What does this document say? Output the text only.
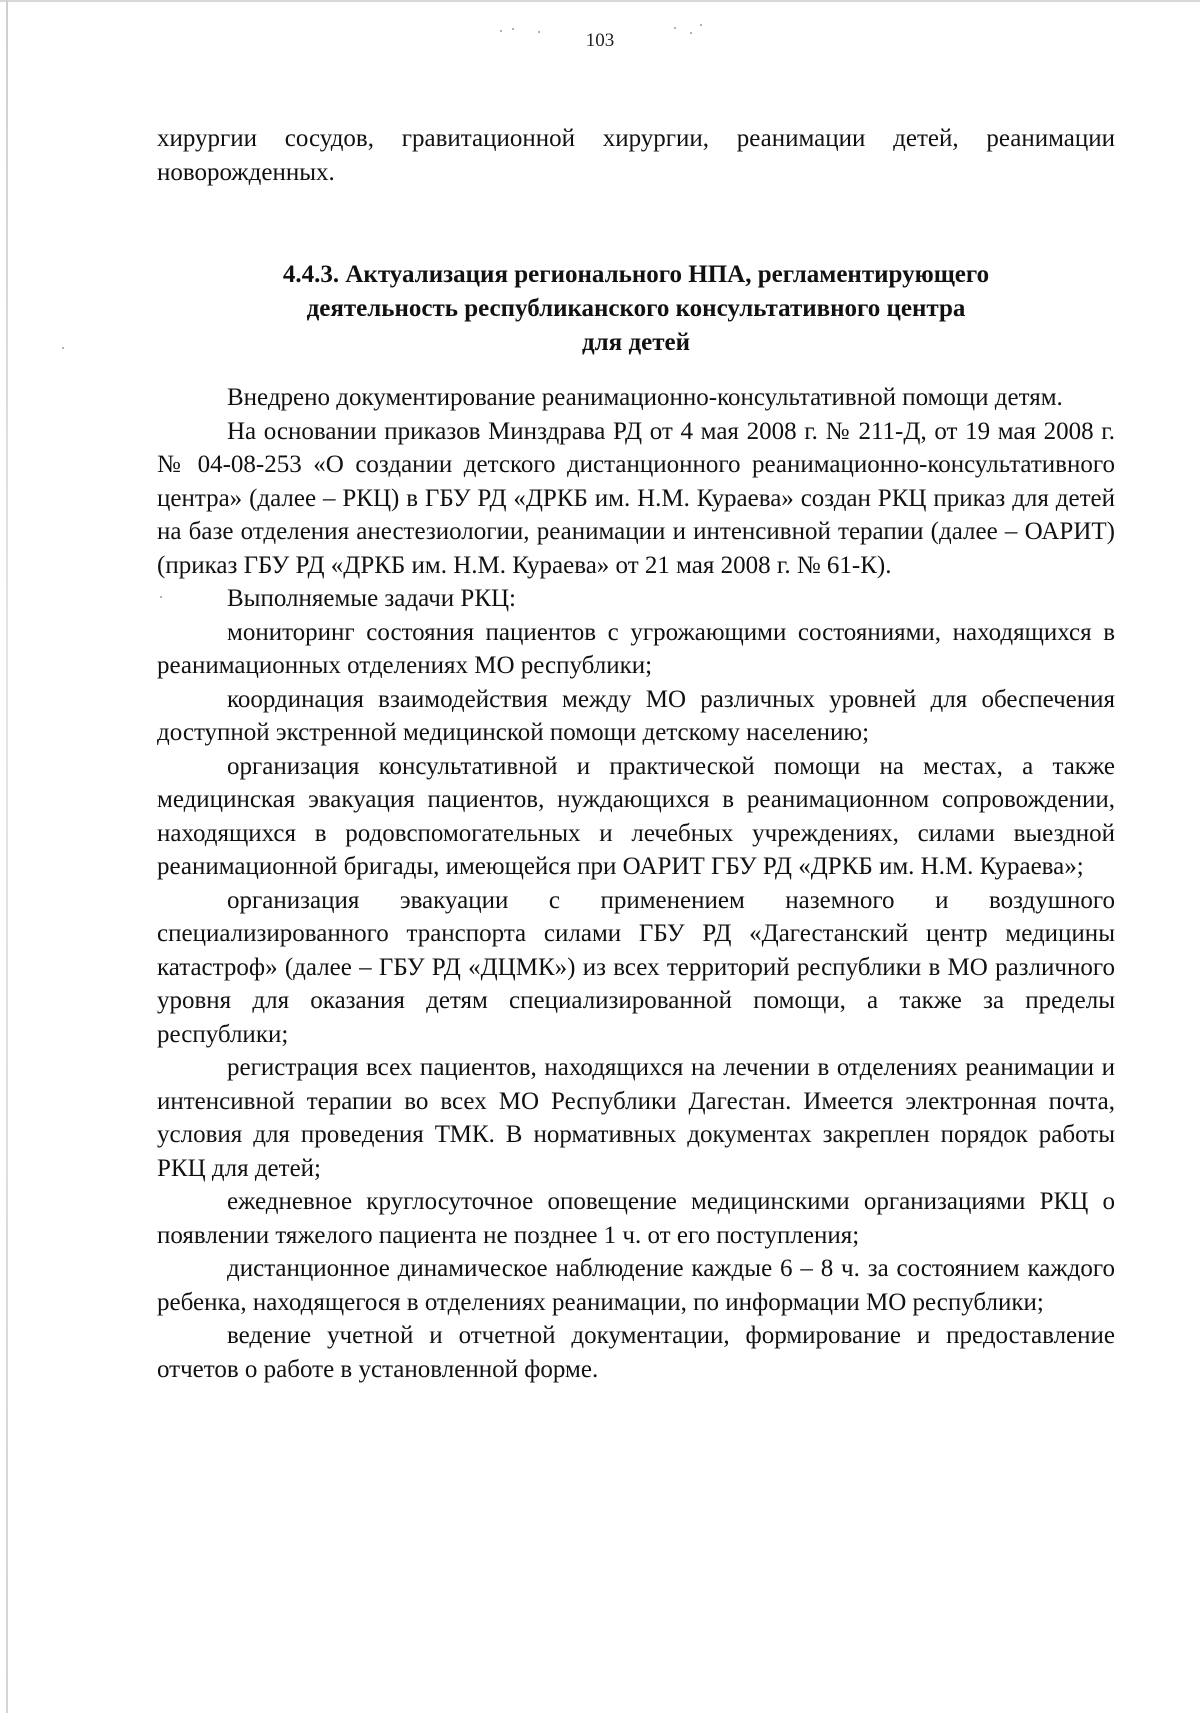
103
хирургии сосудов, гравитационной хирургии, реанимации детей, реанимации новорожденных.
4.4.3. Актуализация регионального НПА, регламентирующего
деятельность республиканского консультативного центра
для детей

Внедрено документирование реанимационно-консультативной помощи детям.

На основании приказов Минздрава РД от 4 мая 2008 г. № 211-Д, от 19 мая 2008 г. № 04-08-253 «О создании детского дистанционного реанимационно-консультативного центра» (далее – РКЦ) в ГБУ РД «ДРКБ им. Н.М. Кураева» создан РКЦ приказ для детей на базе отделения анестезиологии, реанимации и интенсивной терапии (далее – ОАРИТ) (приказ ГБУ РД «ДРКБ им. Н.М. Кураева» от 21 мая 2008 г. № 61-К).

Выполняемые задачи РКЦ:

мониторинг состояния пациентов с угрожающими состояниями, находящихся в реанимационных отделениях МО республики;

координация взаимодействия между МО различных уровней для обеспечения доступной экстренной медицинской помощи детскому населению;

организация консультативной и практической помощи на местах, а также медицинская эвакуация пациентов, нуждающихся в реанимационном сопровождении, находящихся в родовспомогательных и лечебных учреждениях, силами выездной реанимационной бригады, имеющейся при ОАРИТ ГБУ РД «ДРКБ им. Н.М. Кураева»;

организация эвакуации с применением наземного и воздушного специализированного транспорта силами ГБУ РД «Дагестанский центр медицины катастроф» (далее – ГБУ РД «ДЦМК») из всех территорий республики в МО различного уровня для оказания детям специализированной помощи, а также за пределы республики;

регистрация всех пациентов, находящихся на лечении в отделениях реанимации и интенсивной терапии во всех МО Республики Дагестан. Имеется электронная почта, условия для проведения ТМК. В нормативных документах закреплен порядок работы РКЦ для детей;

ежедневное круглосуточное оповещение медицинскими организациями РКЦ о появлении тяжелого пациента не позднее 1 ч. от его поступления;

дистанционное динамическое наблюдение каждые 6 – 8 ч. за состоянием каждого ребенка, находящегося в отделениях реанимации, по информации МО республики;

ведение учетной и отчетной документации, формирование и предоставление отчетов о работе в установленной форме.
